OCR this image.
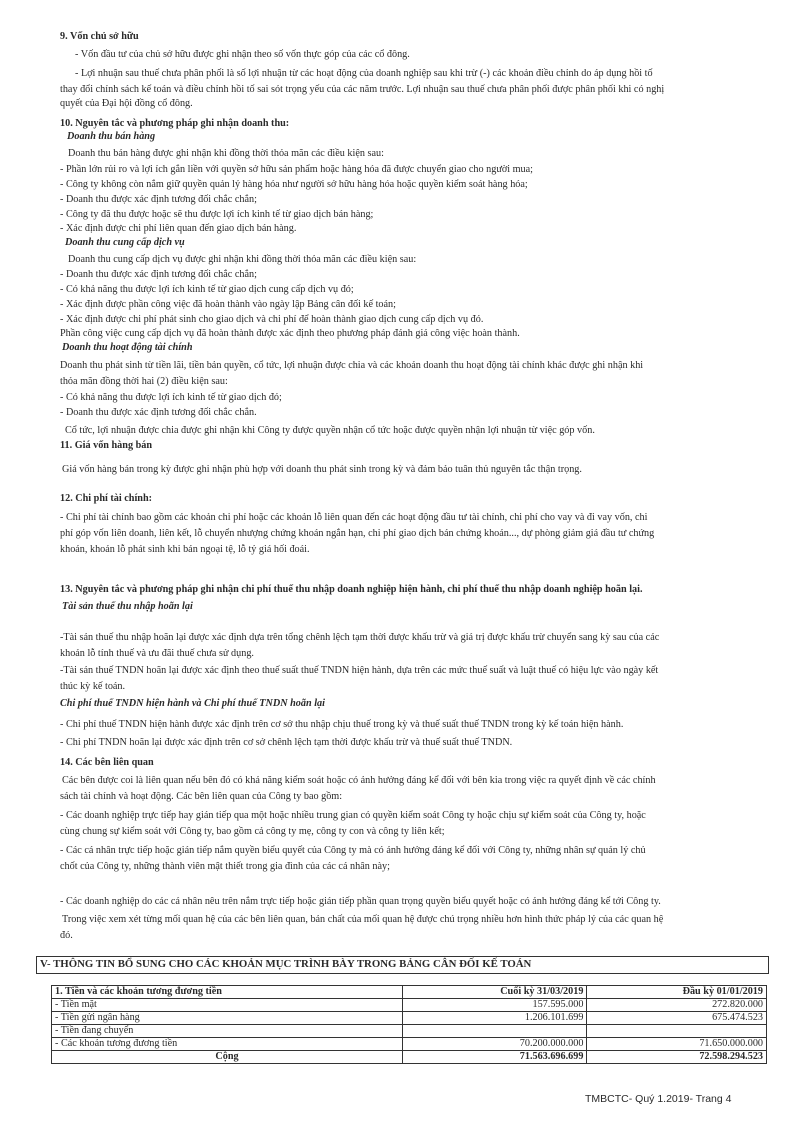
9. Vốn chủ sở hữu
- Vốn đầu tư của chủ sở hữu được ghi nhận theo số vốn thực góp của các cổ đông.
- Lợi nhuận sau thuế chưa phân phối là số lợi nhuận từ các hoạt động của doanh nghiệp sau khi trừ (-) các khoản điều chỉnh do áp dụng hồi tố
thay đổi chính sách kế toán và điều chỉnh hồi tố sai sót trọng yếu của các năm trước. Lợi nhuận sau thuế chưa phân phối được phân phối khi có nghị
quyết của Đại hội đồng cổ đông.
10. Nguyên tắc và phương pháp ghi nhận doanh thu:
Doanh thu bán hàng
Doanh thu bán hàng được ghi nhận khi đồng thời thỏa mãn các điều kiện sau:
- Phần lớn rủi ro và lợi ích gắn liền với quyền sở hữu sản phẩm hoặc hàng hóa đã được chuyển giao cho người mua;
- Công ty không còn nắm giữ quyền quản lý hàng hóa như người sở hữu hàng hóa hoặc quyền kiểm soát hàng hóa;
- Doanh thu được xác định tương đối chắc chắn;
- Công ty đã thu được hoặc sẽ thu được lợi ích kinh tế từ giao dịch bán hàng;
- Xác định được chi phí liên quan đến giao dịch bán hàng.
Doanh thu cung cấp dịch vụ
Doanh thu cung cấp dịch vụ được ghi nhận khi đồng thời thỏa mãn các điều kiện sau:
- Doanh thu được xác định tương đối chắc chắn;
- Có khả năng thu được lợi ích kinh tế từ giao dịch cung cấp dịch vụ đó;
- Xác định được phần công việc đã hoàn thành vào ngày lập Bảng cân đối kế toán;
- Xác định được chi phí phát sinh cho giao dịch và chi phí để hoàn thành giao dịch cung cấp dịch vụ đó.
Phần công việc cung cấp dịch vụ đã hoàn thành được xác định theo phương pháp đánh giá công việc hoàn thành.
Doanh thu hoạt động tài chính
Doanh thu phát sinh từ tiền lãi, tiền bản quyền, cổ tức, lợi nhuận được chia và các khoản doanh thu hoạt động tài chính khác được ghi nhận khi
thỏa mãn đồng thời hai (2) điều kiện sau:
- Có khả năng thu được lợi ích kinh tế từ giao dịch đó;
- Doanh thu được xác định tương đối chắc chắn.
Cổ tức, lợi nhuận được chia được ghi nhận khi Công ty được quyền nhận cổ tức hoặc được quyền nhận lợi nhuận từ việc góp vốn.
11. Giá vốn hàng bán
Giá vốn hàng bán trong kỳ được ghi nhận phù hợp với doanh thu phát sinh trong kỳ và đảm bảo tuân thủ nguyên tắc thận trọng.
12. Chi phí tài chính:
- Chi phí tài chính bao gồm các khoản chi phí hoặc các khoản lỗ liên quan đến các hoạt động đầu tư tài chính, chi phí cho vay và đi vay vốn, chi
phí góp vốn liên doanh, liên kết, lỗ chuyển nhượng chứng khoán ngắn hạn, chi phí giao dịch bán chứng khoán..., dự phòng giảm giá đầu tư chứng
khoán, khoản lỗ phát sinh khi bán ngoại tệ, lỗ tỷ giá hối đoái.
13. Nguyên tắc và phương pháp ghi nhận chi phí thuế thu nhập doanh nghiệp hiện hành, chi phí thuế thu nhập doanh nghiệp hoãn lại.
Tài sản thuế thu nhập hoãn lại
-Tài sản thuế thu nhập hoãn lại được xác định dựa trên tổng chênh lệch tạm thời được khấu trừ và giá trị được khấu trừ chuyển sang kỳ sau của các
khoản lỗ tính thuế và ưu đãi thuế chưa sử dụng.
-Tài sản thuế TNDN hoãn lại được xác định theo thuế suất thuế TNDN hiện hành, dựa trên các mức thuế suất và luật thuế có hiệu lực vào ngày kết
thúc kỳ kế toán.
Chi phí thuế TNDN hiện hành và Chi phí thuế TNDN hoãn lại
- Chi phí thuế TNDN hiện hành được xác định trên cơ sở thu nhập chịu thuế trong kỳ và thuế suất thuế TNDN trong kỳ kế toán hiện hành.
- Chi phí TNDN hoãn lại được xác định trên cơ sở chênh lệch tạm thời được khấu trừ và thuế suất thuế TNDN.
14. Các bên liên quan
Các bên được coi là liên quan nếu bên đó có khả năng kiểm soát hoặc có ảnh hưởng đáng kể đối với bên kia trong việc ra quyết định về các chính
sách tài chính và hoạt động. Các bên liên quan của Công ty bao gồm:
- Các doanh nghiệp trực tiếp hay gián tiếp qua một hoặc nhiều trung gian có quyền kiểm soát Công ty hoặc chịu sự kiểm soát của Công ty, hoặc
cùng chung sự kiểm soát với Công ty, bao gồm cả công ty mẹ, công ty con và công ty liên kết;
- Các cá nhân trực tiếp hoặc gián tiếp nắm quyền biểu quyết của Công ty mà có ảnh hưởng đáng kể đối với Công ty, những nhân sự quản lý chủ
chốt của Công ty, những thành viên mật thiết trong gia đình của các cá nhân này;
- Các doanh nghiệp do các cá nhân nêu trên nắm trực tiếp hoặc gián tiếp phần quan trọng quyền biểu quyết hoặc có ảnh hưởng đáng kể tới Công ty.
Trong việc xem xét từng mối quan hệ của các bên liên quan, bản chất của mối quan hệ được chú trọng nhiều hơn hình thức pháp lý của các quan hệ
đó.
V- THÔNG TIN BỔ SUNG CHO CÁC KHOẢN MỤC TRÌNH BÀY TRONG BẢNG CÂN ĐỐI KẾ TOÁN
1. Tiền và các khoản tương đương tiền	Cuối kỳ 31/03/2019	Đầu kỳ 01/01/2019
- Tiền mặt	157.595.000	272.820.000
- Tiền gửi ngân hàng	1.206.101.699	675.474.523
- Tiền đang chuyển		
- Các khoản tương đương tiền	70.200.000.000	71.650.000.000
Cộng	71.563.696.699	72.598.294.523
TMBCTC- Quý 1.2019- Trang 4
